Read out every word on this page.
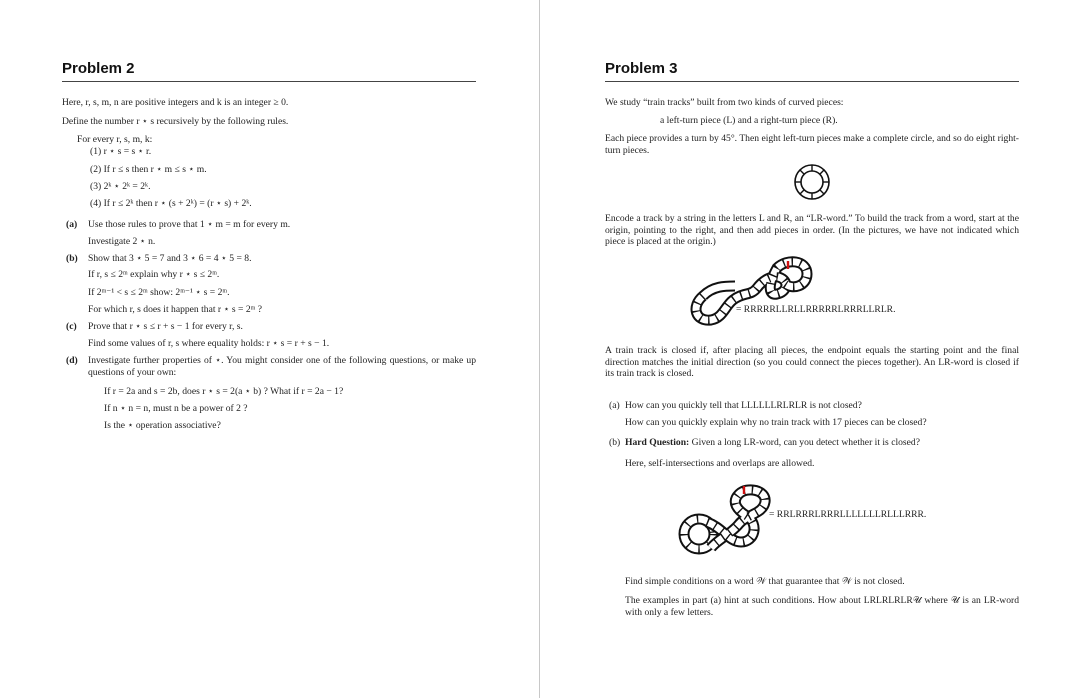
Problem 2
Here, r, s, m, n are positive integers and k is an integer ≥ 0.
Define the number r ⋆ s recursively by the following rules.
For every r, s, m, k:
(1) r ⋆ s = s ⋆ r.
(2) If r ≤ s then r ⋆ m ≤ s ⋆ m.
(3) 2ᵏ ⋆ 2ᵏ = 2ᵏ.
(4) If r ≤ 2ᵏ then r ⋆ (s + 2ᵏ) = (r ⋆ s) + 2ᵏ.
(a) Use those rules to prove that 1 ⋆ m = m for every m.
Investigate 2 ⋆ n.
(b) Show that 3 ⋆ 5 = 7 and 3 ⋆ 6 = 4 ⋆ 5 = 8.
If r, s ≤ 2ᵐ explain why r ⋆ s ≤ 2ᵐ.
If 2ᵐ⁻¹ < s ≤ 2ᵐ show: 2ᵐ⁻¹ ⋆ s = 2ᵐ.
For which r, s does it happen that r ⋆ s = 2ᵐ ?
(c) Prove that r ⋆ s ≤ r + s − 1 for every r, s.
Find some values of r, s where equality holds: r ⋆ s = r + s − 1.
(d) Investigate further properties of ⋆. You might consider one of the following questions, or make up questions of your own:
If r = 2a and s = 2b, does r ⋆ s = 2(a ⋆ b) ? What if r = 2a − 1?
If n ⋆ n = n, must n be a power of 2 ?
Is the ⋆ operation associative?
Problem 3
We study “train tracks” built from two kinds of curved pieces:
a left-turn piece (L) and a right-turn piece (R).
Each piece provides a turn by 45°. Then eight left-turn pieces make a complete circle, and so do eight right-turn pieces.
Encode a track by a string in the letters L and R, an “LR-word.” To build the track from a word, start at the origin, pointing to the right, and then add pieces in order. (In the pictures, we have not indicated which piece is placed at the origin.)
= RRRRRLLRLLRRRRRLRRRLLRLR.
A train track is closed if, after placing all pieces, the endpoint equals the starting point and the final direction matches the initial direction (so you could connect the pieces together). An LR-word is closed if its train track is closed.
(a) How can you quickly tell that LLLLLLRLRLR is not closed?
How can you quickly explain why no train track with 17 pieces can be closed?
(b) Hard Question: Given a long LR-word, can you detect whether it is closed?
Here, self-intersections and overlaps are allowed.
= RRLRRRLRRRLLLLLLLRLLLRRR.
Find simple conditions on a word 𝒲 that guarantee that 𝒲 is not closed.
The examples in part (a) hint at such conditions. How about LRLRLRLR𝒰 where 𝒰 is an LR-word with only a few letters.
